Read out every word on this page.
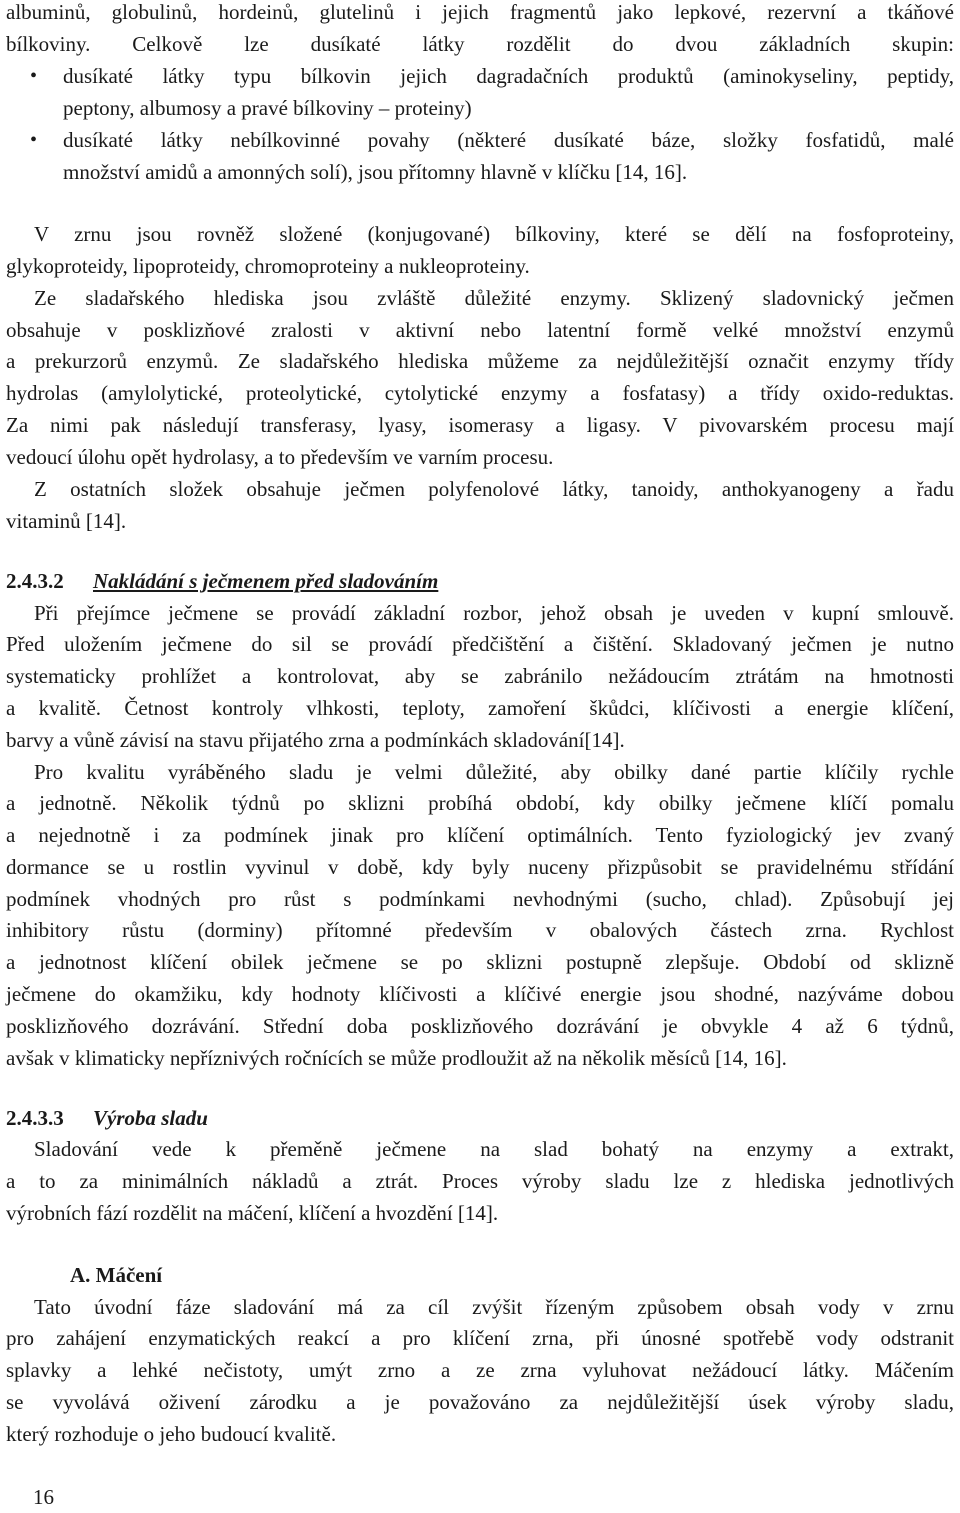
albuminů, globulinů, hordeinů, glutelinů i jejich fragmentů jako lepkové, rezervní a tkáňové
bílkoviny. Celkově lze dusíkaté látky rozdělit do dvou základních skupin:
•	dusíkaté látky typu bílkovin jejich dagradačních produktů (aminokyseliny, peptidy,
peptony, albumosy a pravé bílkoviny – proteiny)
•	dusíkaté látky nebílkovinné povahy (některé dusíkaté báze, složky fosfatidů, malé
množství amidů a amonných solí), jsou přítomny hlavně v klíčku [14, 16].
V zrnu jsou rovněž složené (konjugované) bílkoviny, které se dělí na fosfoproteiny,
glykoproteidy, lipoproteidy, chromoproteiny a nukleoproteiny.
Ze sladařského hlediska jsou zvláště důležité enzymy. Sklizený sladovnický ječmen
obsahuje v posklizňové zralosti v aktivní nebo latentní formě velké množství enzymů
a prekurzorů enzymů. Ze sladařského hlediska můžeme za nejdůležitější označit enzymy třídy
hydrolas (amylolytické, proteolytické, cytolytické enzymy a fosfatasy) a třídy oxido-reduktas.
Za nimi pak následují transferasy, lyasy, isomerasy a ligasy. V pivovarském procesu mají
vedoucí úlohu opět hydrolasy, a to především ve varním procesu.
Z ostatních složek obsahuje ječmen polyfenolové látky, tanoidy, anthokyanogeny a řadu
vitaminů [14].
2.4.3.2 Nakládání s ječmenem před sladováním
Při přejímce ječmene se provádí základní rozbor, jehož obsah je uveden v kupní smlouvě.
Před uložením ječmene do sil se provádí předčištění a čištění. Skladovaný ječmen je nutno
systematicky prohlížet a kontrolovat, aby se zabránilo nežádoucím ztrátám na hmotnosti
a kvalitě. Četnost kontroly vlhkosti, teploty, zamoření škůdci, klíčivosti a energie klíčení,
barvy a vůně závisí na stavu přijatého zrna a podmínkách skladování[14].
Pro kvalitu vyráběného sladu je velmi důležité, aby obilky dané partie klíčily rychle
a jednotně. Několik týdnů po sklizni probíhá období, kdy obilky ječmene klíčí pomalu
a nejednotně i za podmínek jinak pro klíčení optimálních. Tento fyziologický jev zvaný
dormance se u rostlin vyvinul v době, kdy byly nuceny přizpůsobit se pravidelnému střídání
podmínek vhodných pro růst s podmínkami nevhodnými (sucho, chlad). Způsobují jej
inhibitory růstu (dorminy) přítomné především v obalových částech zrna. Rychlost
a jednotnost klíčení obilek ječmene se po sklizni postupně zlepšuje. Období od sklizně
ječmene do okamžiku, kdy hodnoty klíčivosti a klíčivé energie jsou shodné, nazýváme dobou
posklizňového dozrávání. Střední doba posklizňového dozrávání je obvykle 4 až 6 týdnů,
avšak v klimaticky nepříznivých ročnících se může prodloužit až na několik měsíců [14, 16].
2.4.3.3 Výroba sladu
Sladování vede k přeměně ječmene na slad bohatý na enzymy a extrakt,
a to za minimálních nákladů a ztrát. Proces výroby sladu lze z hlediska jednotlivých
výrobních fází rozdělit na máčení, klíčení a hvozdění [14].
A. Máčení
Tato úvodní fáze sladování má za cíl zvýšit řízeným způsobem obsah vody v zrnu
pro zahájení enzymatických reakcí a pro klíčení zrna, při únosné spotřebě vody odstranit
splavky a lehké nečistoty, umýt zrno a ze zrna vyluhovat nežádoucí látky. Máčením
se vyvolává oživení zárodku a je považováno za nejdůležitější úsek výroby sladu,
který rozhoduje o jeho budoucí kvalitě.
16
